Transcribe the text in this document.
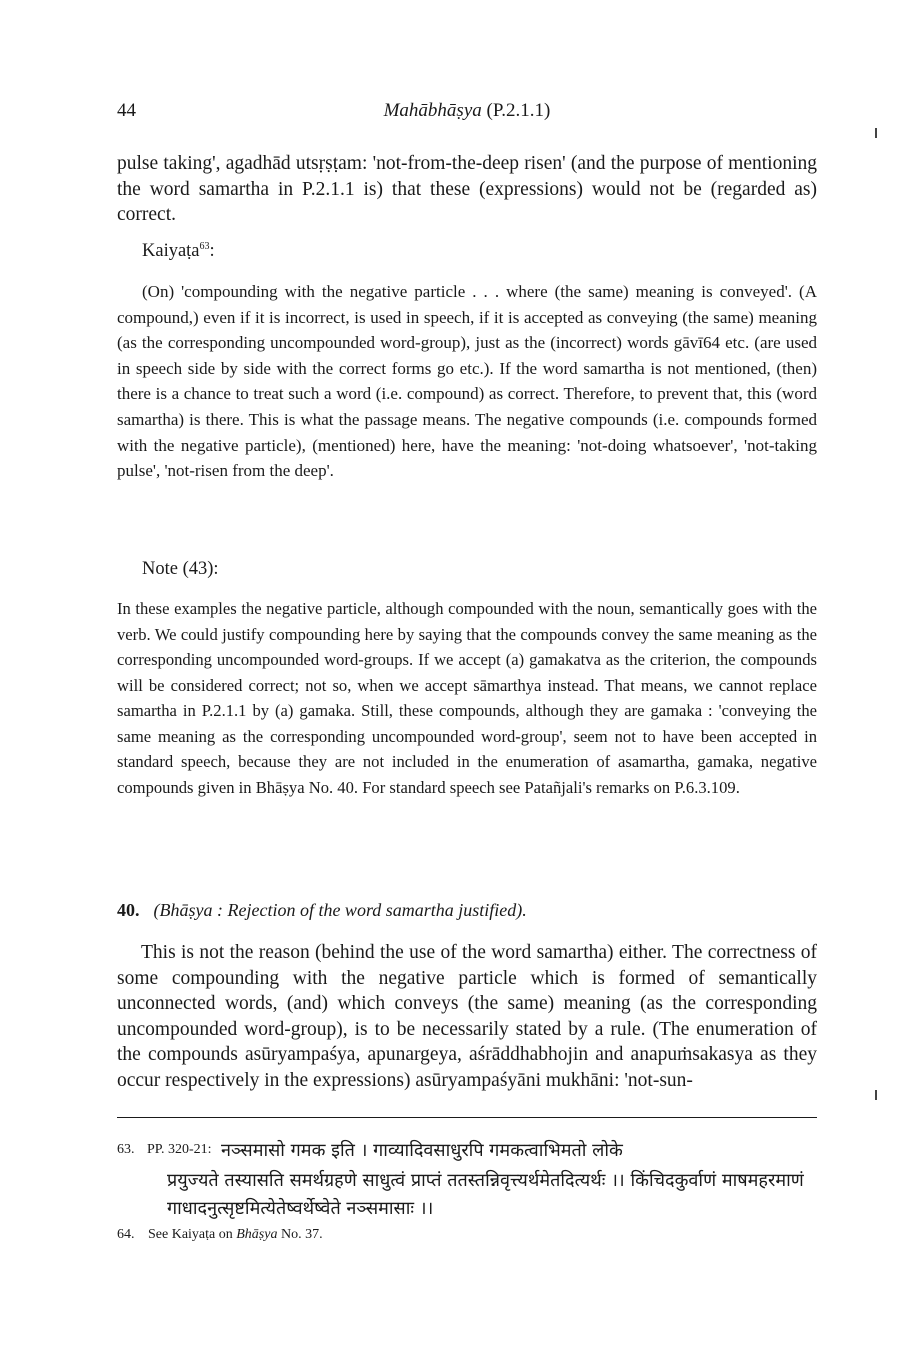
44	Mahābhāṣya (P.2.1.1)

pulse taking', agadhād utsṛṣṭam: 'not-from-the-deep risen' (and the purpose of mentioning the word samartha in P.2.1.1 is) that these (expressions) would not be (regarded as) correct.

Kaiyaṭa$^{63}$:

(On) 'compounding with the negative particle . . . where (the same) meaning is conveyed'. (A compound,) even if it is incorrect, is used in speech, if it is accepted as conveying (the same) meaning (as the corresponding uncompounded word-group), just as the (incorrect) words gāvī64 etc. (are used in speech side by side with the correct forms go etc.). If the word samartha is not mentioned, (then) there is a chance to treat such a word (i.e. compound) as correct. Therefore, to prevent that, this (word samartha) is there. This is what the passage means. The negative compounds (i.e. compounds formed with the negative particle), (mentioned) here, have the meaning: 'not-doing whatsoever', 'not-taking pulse', 'not-risen from the deep'.

Note (43):

In these examples the negative particle, although compounded with the noun, semantically goes with the verb. We could justify compounding here by saying that the compounds convey the same meaning as the corresponding uncompounded word-groups. If we accept (a) gamakatva as the criterion, the compounds will be considered correct; not so, when we accept sāmarthya instead. That means, we cannot replace samartha in P.2.1.1 by (a) gamaka. Still, these compounds, although they are gamaka : 'conveying the same meaning as the corresponding uncompounded word-group', seem not to have been accepted in standard speech, because they are not included in the enumeration of asamartha, gamaka, negative compounds given in Bhāṣya No. 40. For standard speech see Patañjali's remarks on P.6.3.109.

40. (Bhāṣya : Rejection of the word samartha justified).

This is not the reason (behind the use of the word samartha) either. The correctness of some compounding with the negative particle which is formed of semantically unconnected words, (and) which conveys (the same) meaning (as the corresponding uncompounded word-group), is to be necessarily stated by a rule. (The enumeration of the compounds asūryampaśya, apunargeya, aśrāddhabhojin and anapuṁsakasya as they occur respectively in the expressions) asūryampaśyāni mukhāni: 'not-sun-

63. PP. 320-21: नञ्समासो गमक इति । गाव्यादिवसाधुरपि गमकत्वाभिमतो लोके
प्रयुज्यते तस्यासति समर्थग्रहणे साधुत्वं प्राप्तं ततस्तन्निवृत्त्यर्थमेतदित्यर्थः ।। किंचिदकुर्वाणं माषमहरमाणं गाधादनुत्सृष्टमित्येतेष्वर्थेष्वेते नञ्समासाः ।।
64. See Kaiyaṭa on Bhāṣya No. 37.
